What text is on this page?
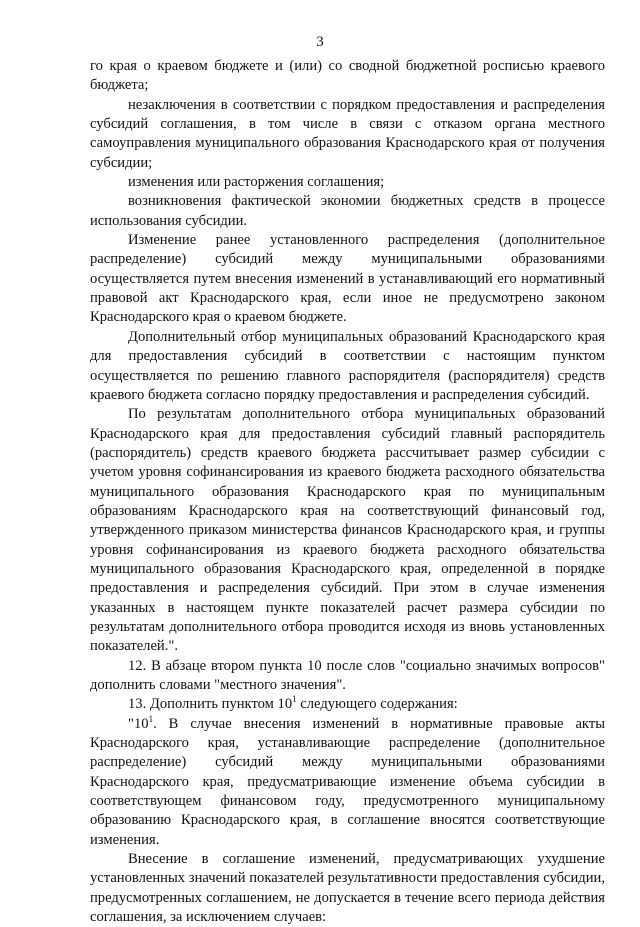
3

го края о краевом бюджете и (или) со сводной бюджетной росписью краевого бюджета;

незаключения в соответствии с порядком предоставления и распределения субсидий соглашения, в том числе в связи с отказом органа местного самоуправления муниципального образования Краснодарского края от получения субсидии;

изменения или расторжения соглашения;

возникновения фактической экономии бюджетных средств в процессе использования субсидии.

Изменение ранее установленного распределения (дополнительное распределение) субсидий между муниципальными образованиями осуществляется путем внесения изменений в устанавливающий его нормативный правовой акт Краснодарского края, если иное не предусмотрено законом Краснодарского края о краевом бюджете.

Дополнительный отбор муниципальных образований Краснодарского края для предоставления субсидий в соответствии с настоящим пунктом осуществляется по решению главного распорядителя (распорядителя) средств краевого бюджета согласно порядку предоставления и распределения субсидий.

По результатам дополнительного отбора муниципальных образований Краснодарского края для предоставления субсидий главный распорядитель (распорядитель) средств краевого бюджета рассчитывает размер субсидии с учетом уровня софинансирования из краевого бюджета расходного обязательства муниципального образования Краснодарского края по муниципальным образованиям Краснодарского края на соответствующий финансовый год, утвержденного приказом министерства финансов Краснодарского края, и группы уровня софинансирования из краевого бюджета расходного обязательства муниципального образования Краснодарского края, определенной в порядке предоставления и распределения субсидий. При этом в случае изменения указанных в настоящем пункте показателей расчет размера субсидии по результатам дополнительного отбора проводится исходя из вновь установленных показателей.".

12. В абзаце втором пункта 10 после слов "социально значимых вопросов" дополнить словами "местного значения".

13. Дополнить пунктом $10^1$ следующего содержания:

"$10^1$. В случае внесения изменений в нормативные правовые акты Краснодарского края, устанавливающие распределение (дополнительное распределение) субсидий между муниципальными образованиями Краснодарского края, предусматривающие изменение объема субсидии в соответствующем финансовом году, предусмотренного муниципальному образованию Краснодарского края, в соглашение вносятся соответствующие изменения.

Внесение в соглашение изменений, предусматривающих ухудшение установленных значений показателей результативности предоставления субсидии, предусмотренных соглашением, не допускается в течение всего периода действия соглашения, за исключением случаев:
